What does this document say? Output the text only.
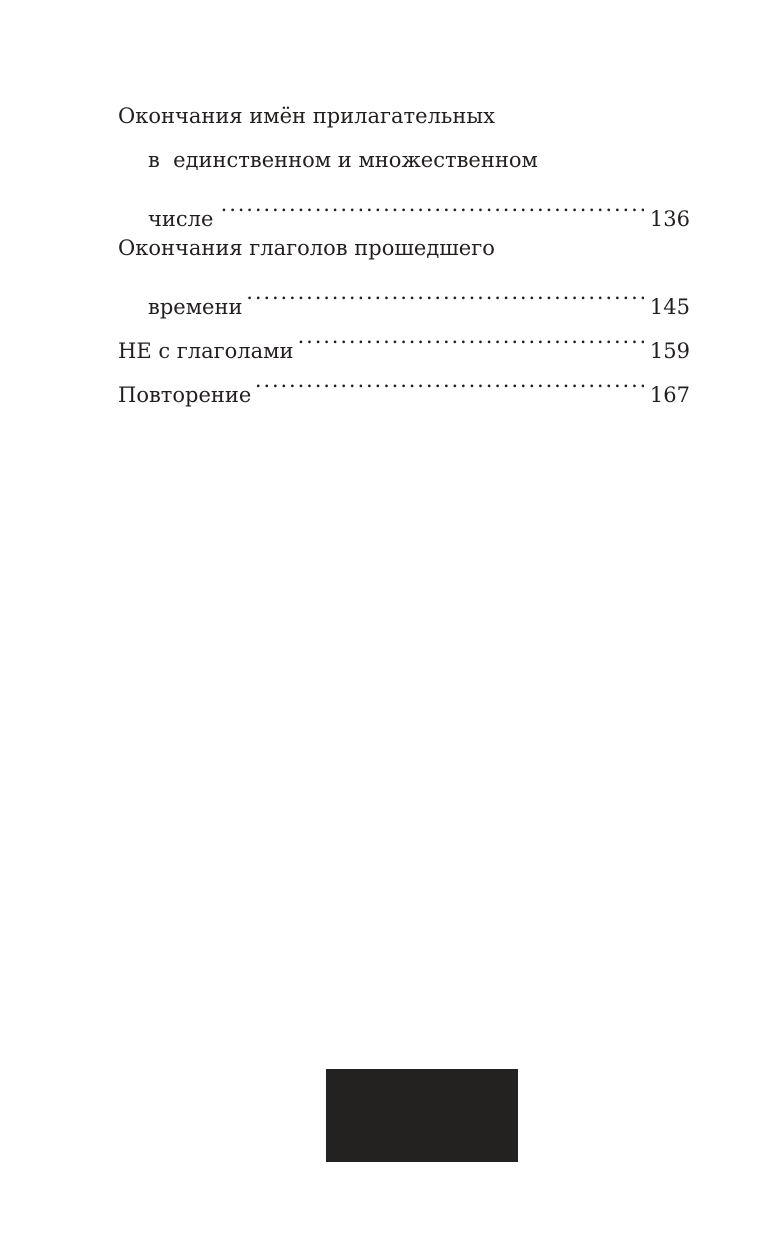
Окончания имён прилагательных
в  единственном и множественном
числе . . .	136
Окончания глаголов прошедшего
времени . . .	145
НЕ с глаголами . . .	159
Повторение . . .	167
